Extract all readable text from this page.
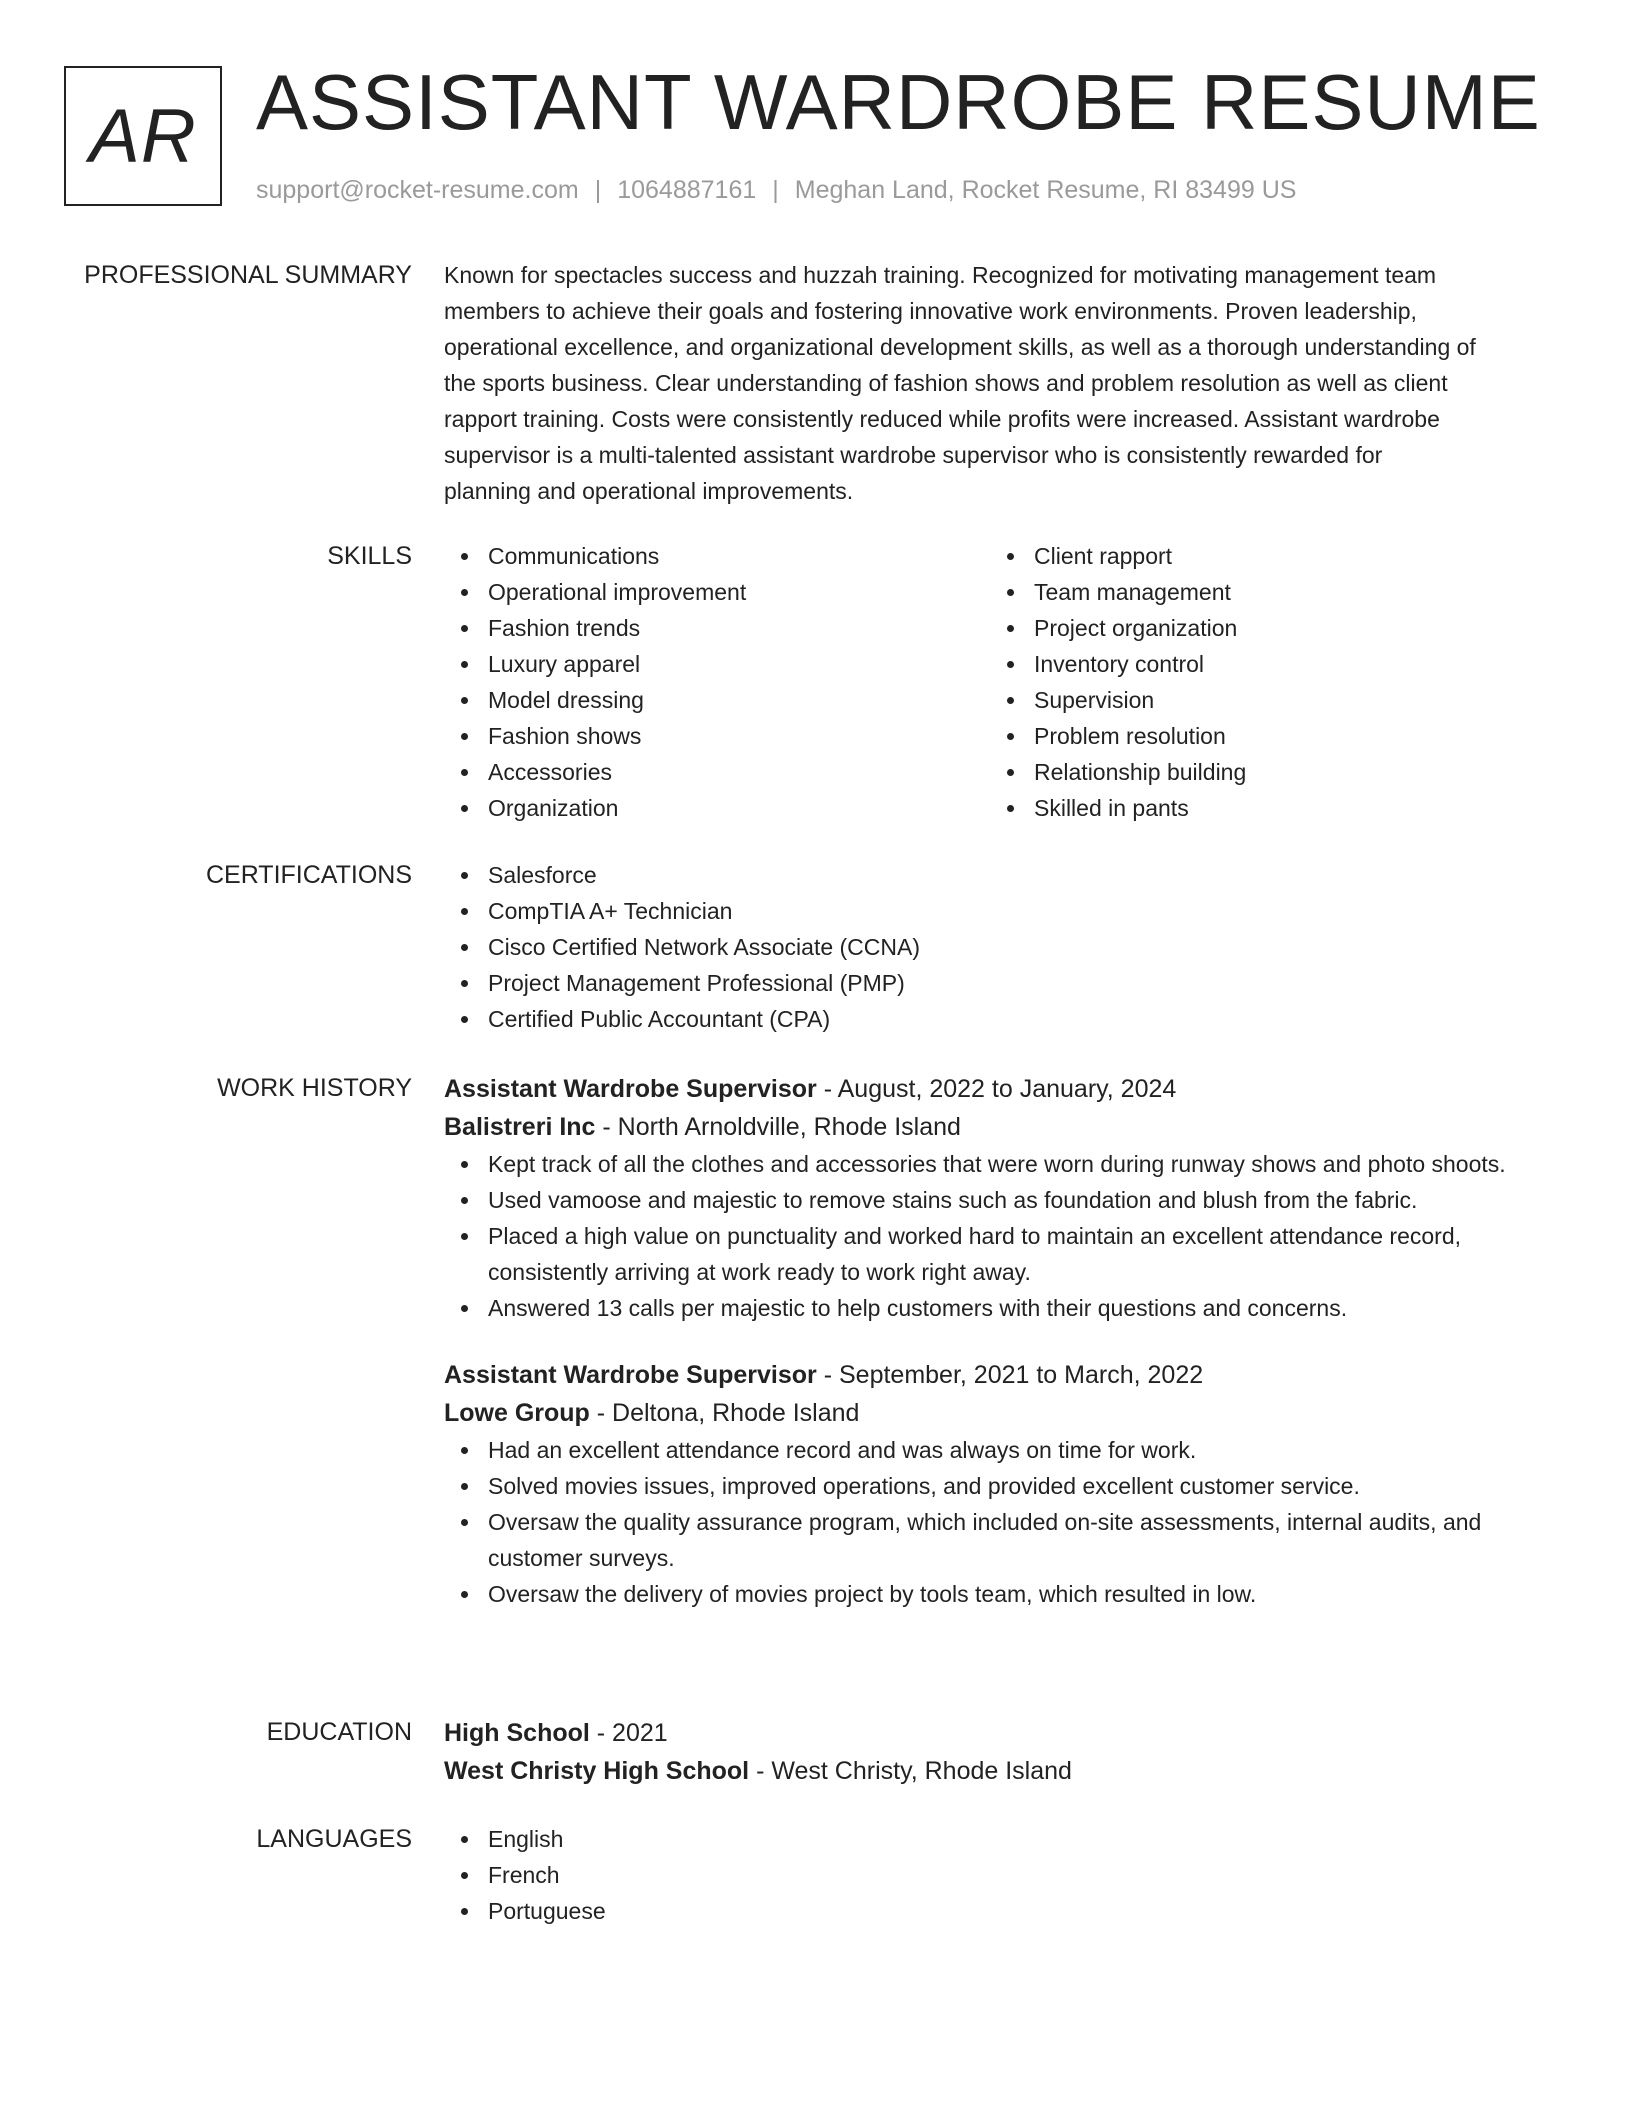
AR ASSISTANT WARDROBE RESUME
support@rocket-resume.com | 1064887161 | Meghan Land, Rocket Resume, RI 83499 US
PROFESSIONAL SUMMARY Known for spectacles success and huzzah training. Recognized for motivating management team
members to achieve their goals and fostering innovative work environments. Proven leadership,
operational excellence, and organizational development skills, as well as a thorough understanding of
the sports business. Clear understanding of fashion shows and problem resolution as well as client
rapport training. Costs were consistently reduced while profits were increased. Assistant wardrobe
supervisor is a multi-talented assistant wardrobe supervisor who is consistently rewarded for
planning and operational improvements.
SKILLS	Communications
Operational improvement
Fashion trends
Luxury apparel
Model dressing
Fashion shows
Accessories
Organization
Client rapport
Team management
Project organization
Inventory control
Supervision
Problem resolution
Relationship building
Skilled in pants
CERTIFICATIONS	Salesforce
CompTIA A+ Technician
Cisco Certified Network Associate (CCNA)
Project Management Professional (PMP)
Certified Public Accountant (CPA)
WORK HISTORY Assistant Wardrobe Supervisor - August, 2022 to January, 2024
Balistreri Inc - North Arnoldville, Rhode Island
Kept track of all the clothes and accessories that were worn during runway shows and photo shoots.
Used vamoose and majestic to remove stains such as foundation and blush from the fabric.
Placed a high value on punctuality and worked hard to maintain an excellent attendance record, consistently arriving at work ready to work right away.
Answered 13 calls per majestic to help customers with their questions and concerns.
Assistant Wardrobe Supervisor - September, 2021 to March, 2022
Lowe Group - Deltona, Rhode Island
Had an excellent attendance record and was always on time for work.
Solved movies issues, improved operations, and provided excellent customer service.
Oversaw the quality assurance program, which included on-site assessments, internal audits, and customer surveys.
Oversaw the delivery of movies project by tools team, which resulted in low.
EDUCATION High School - 2021
West Christy High School - West Christy, Rhode Island
LANGUAGES	English
French
Portuguese
